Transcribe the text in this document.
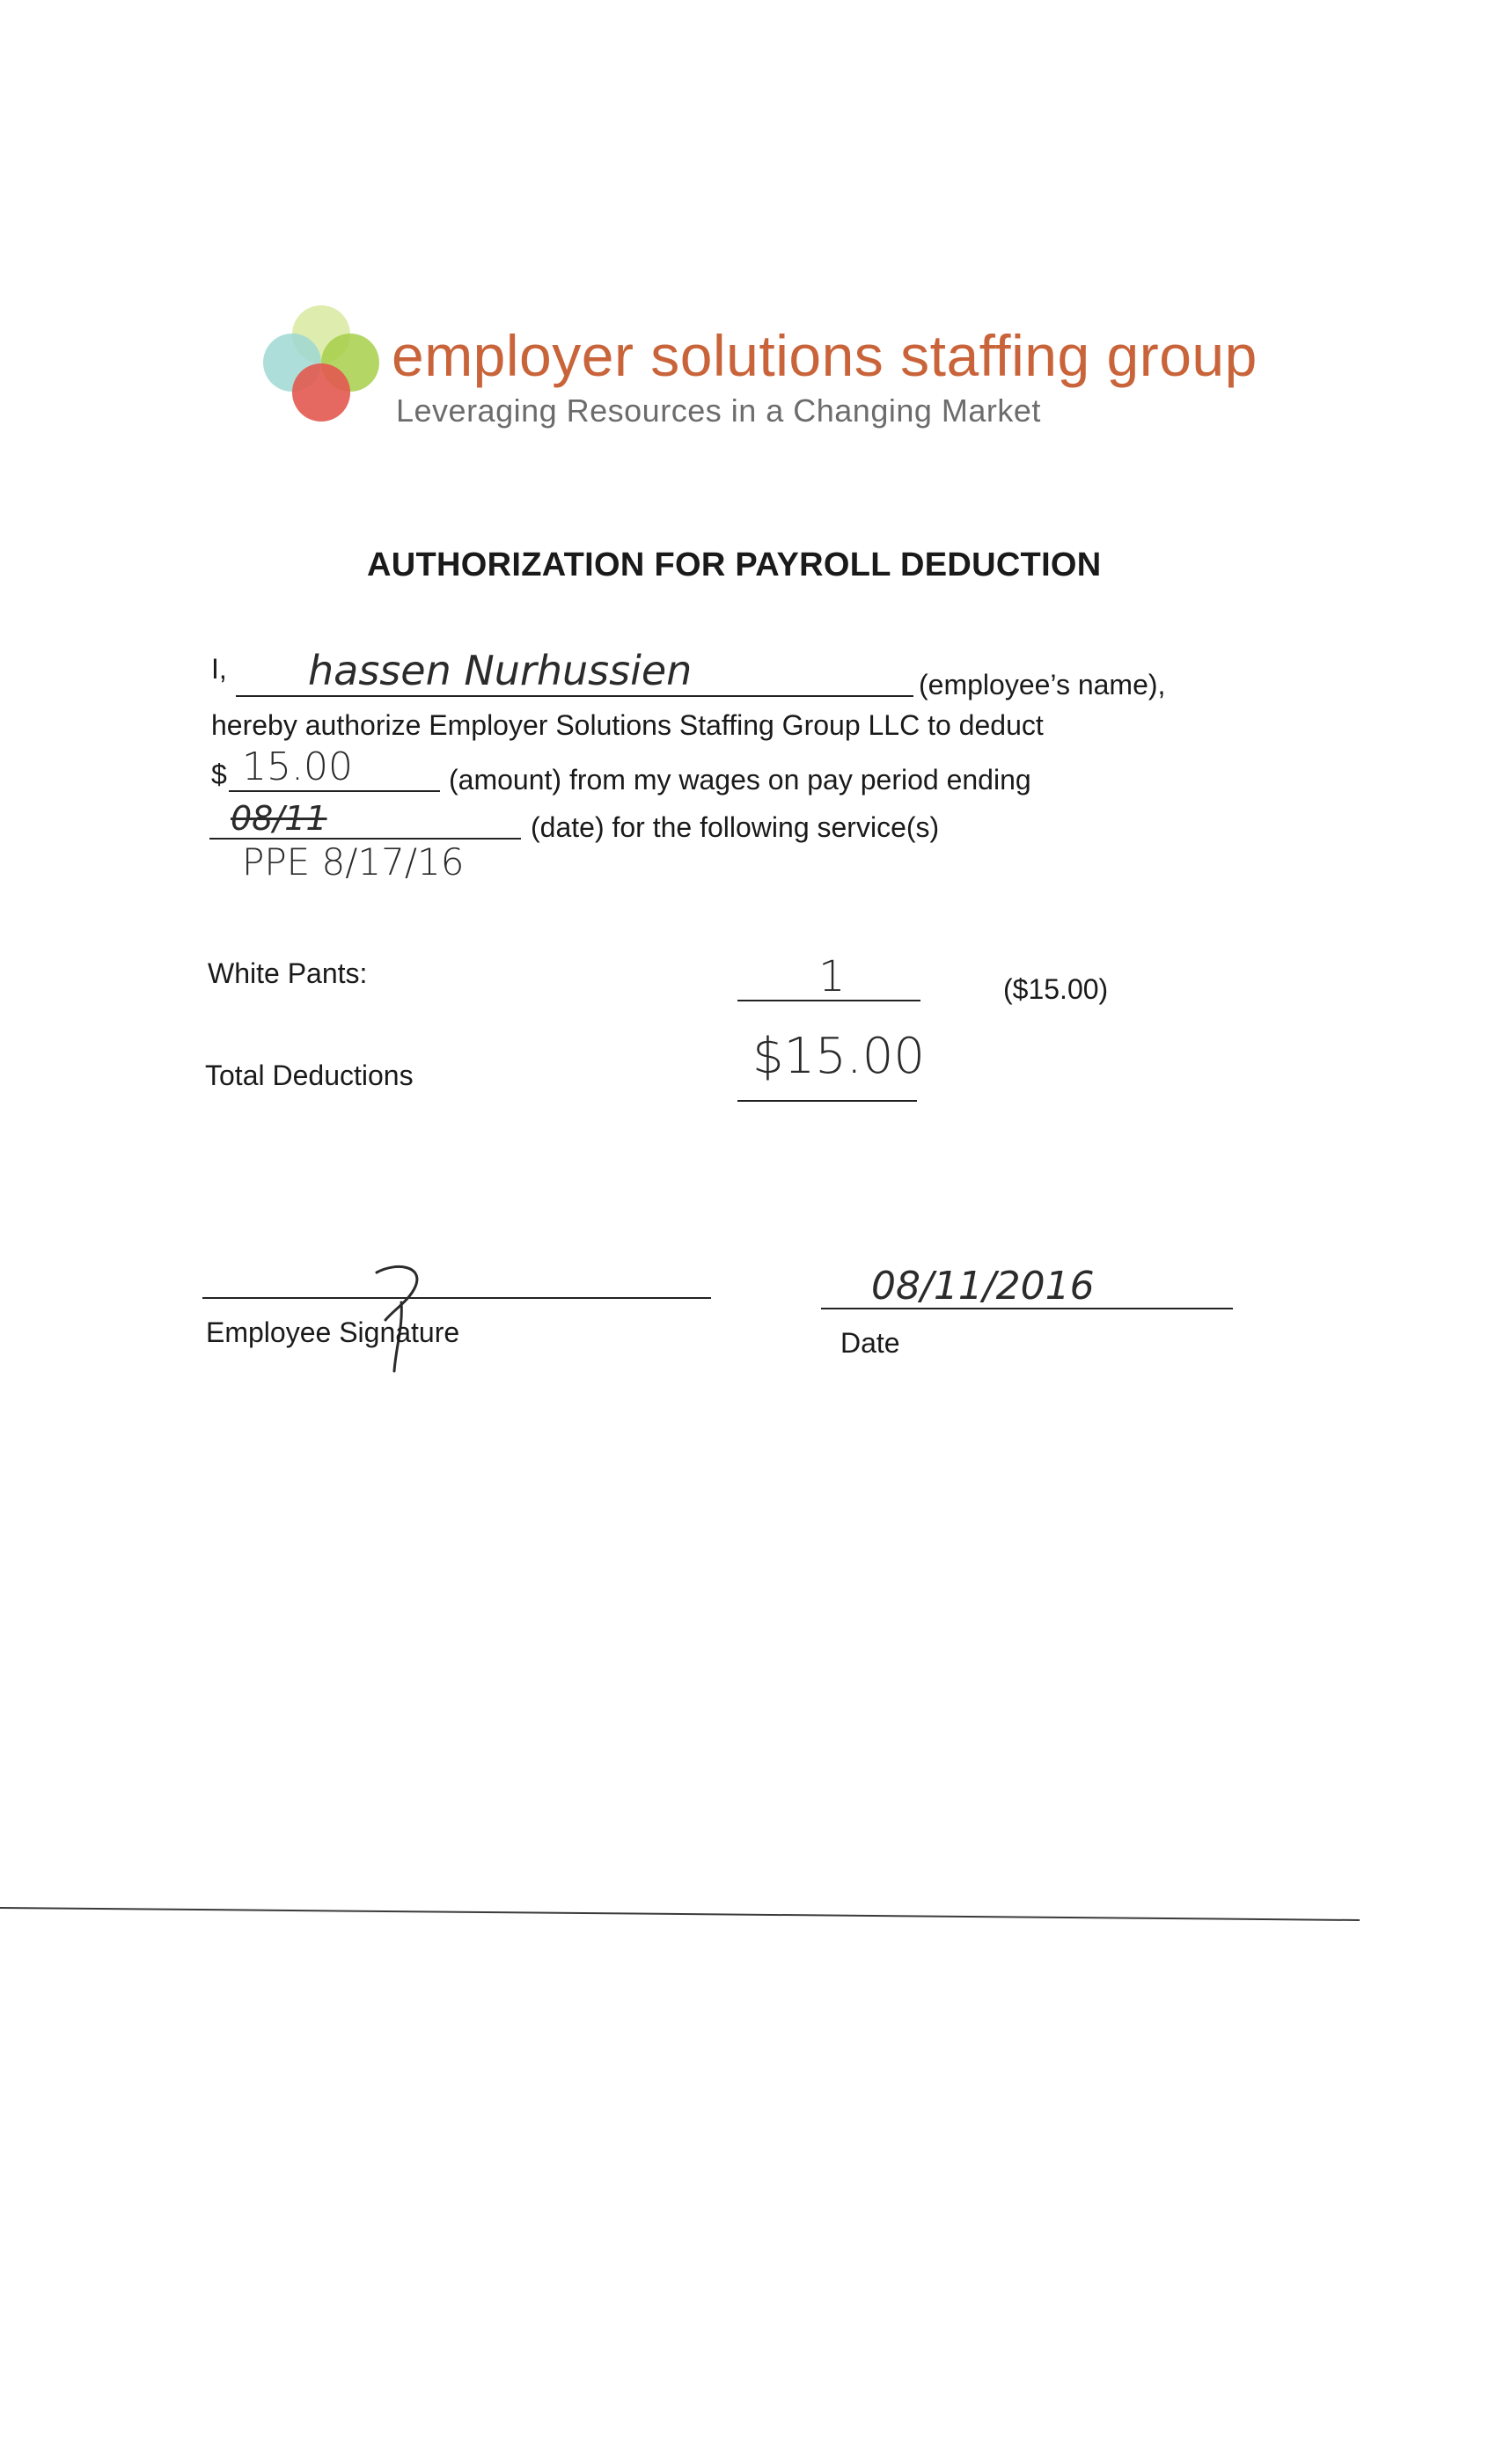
employer solutions staffing group
Leveraging Resources in a Changing Market
AUTHORIZATION FOR PAYROLL DEDUCTION
I, hassen Nurhussien	(employee’s name),
hereby authorize Employer Solutions Staffing Group LLC to deduct
$ 15.00	(amount) from my wages on pay period ending
08/11
PPE 8/17/16
(date) for the following service(s)
White Pants:	1	($15.00)
Total Deductions	$15.00
Employee Signature
08/11/2016
Date
